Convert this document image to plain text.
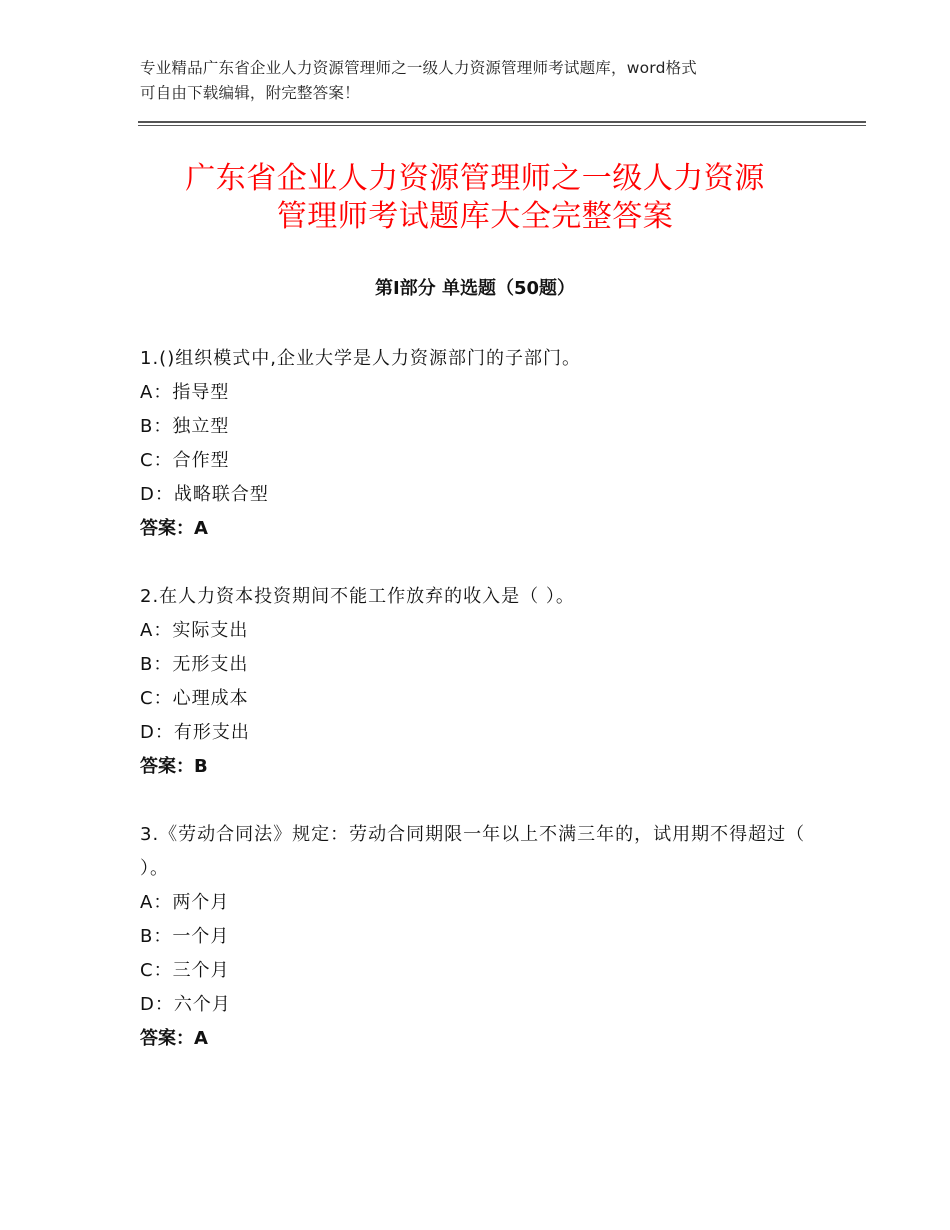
专业精品广东省企业人力资源管理师之一级人力资源管理师考试题库，word格式
可自由下载编辑，附完整答案！
广东省企业人力资源管理师之一级人力资源
管理师考试题库大全完整答案
第Ⅰ部分 单选题（50题）
1.()组织模式中,企业大学是人力资源部门的子部门。
A：指导型
B：独立型
C：合作型
D：战略联合型
答案：A
2.在人力资本投资期间不能工作放弃的收入是（ ）。
A：实际支出
B：无形支出
C：心理成本
D：有形支出
答案：B
3.《劳动合同法》规定：劳动合同期限一年以上不满三年的，试用期不得超过（ ）。
A：两个月
B：一个月
C：三个月
D：六个月
答案：A
